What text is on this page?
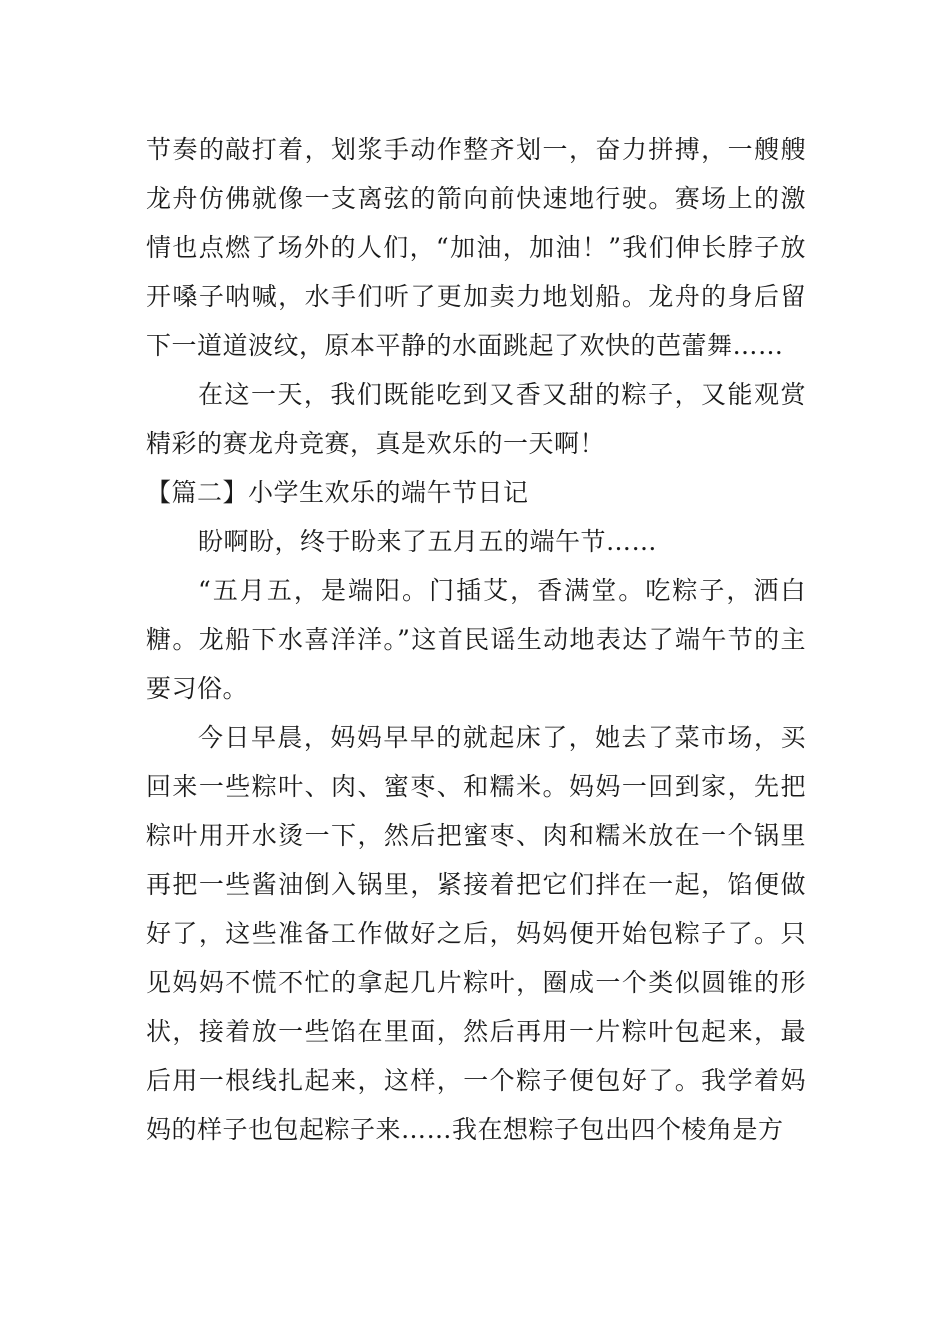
节奏的敲打着，划浆手动作整齐划一，奋力拼搏，一艘艘龙舟仿佛就像一支离弦的箭向前快速地行驶。赛场上的激情也点燃了场外的人们，“加油，加油！”我们伸长脖子放开嗓子呐喊，水手们听了更加卖力地划船。龙舟的身后留下一道道波纹，原本平静的水面跳起了欢快的芭蕾舞……

在这一天，我们既能吃到又香又甜的粽子，又能观赏精彩的赛龙舟竞赛，真是欢乐的一天啊！

【篇二】小学生欢乐的端午节日记

盼啊盼，终于盼来了五月五的端午节……

“五月五，是端阳。门插艾，香满堂。吃粽子，洒白糖。龙船下水喜洋洋。”这首民谣生动地表达了端午节的主要习俗。

今日早晨，妈妈早早的就起床了，她去了菜市场，买回来一些粽叶、肉、蜜枣、和糯米。妈妈一回到家，先把粽叶用开水烫一下，然后把蜜枣、肉和糯米放在一个锅里再把一些酱油倒入锅里，紧接着把它们拌在一起，馅便做好了，这些准备工作做好之后，妈妈便开始包粽子了。只见妈妈不慌不忙的拿起几片粽叶，圈成一个类似圆锥的形状，接着放一些馅在里面，然后再用一片粽叶包起来，最后用一根线扎起来，这样，一个粽子便包好了。我学着妈妈的样子也包起粽子来……我在想粽子包出四个棱角是方
